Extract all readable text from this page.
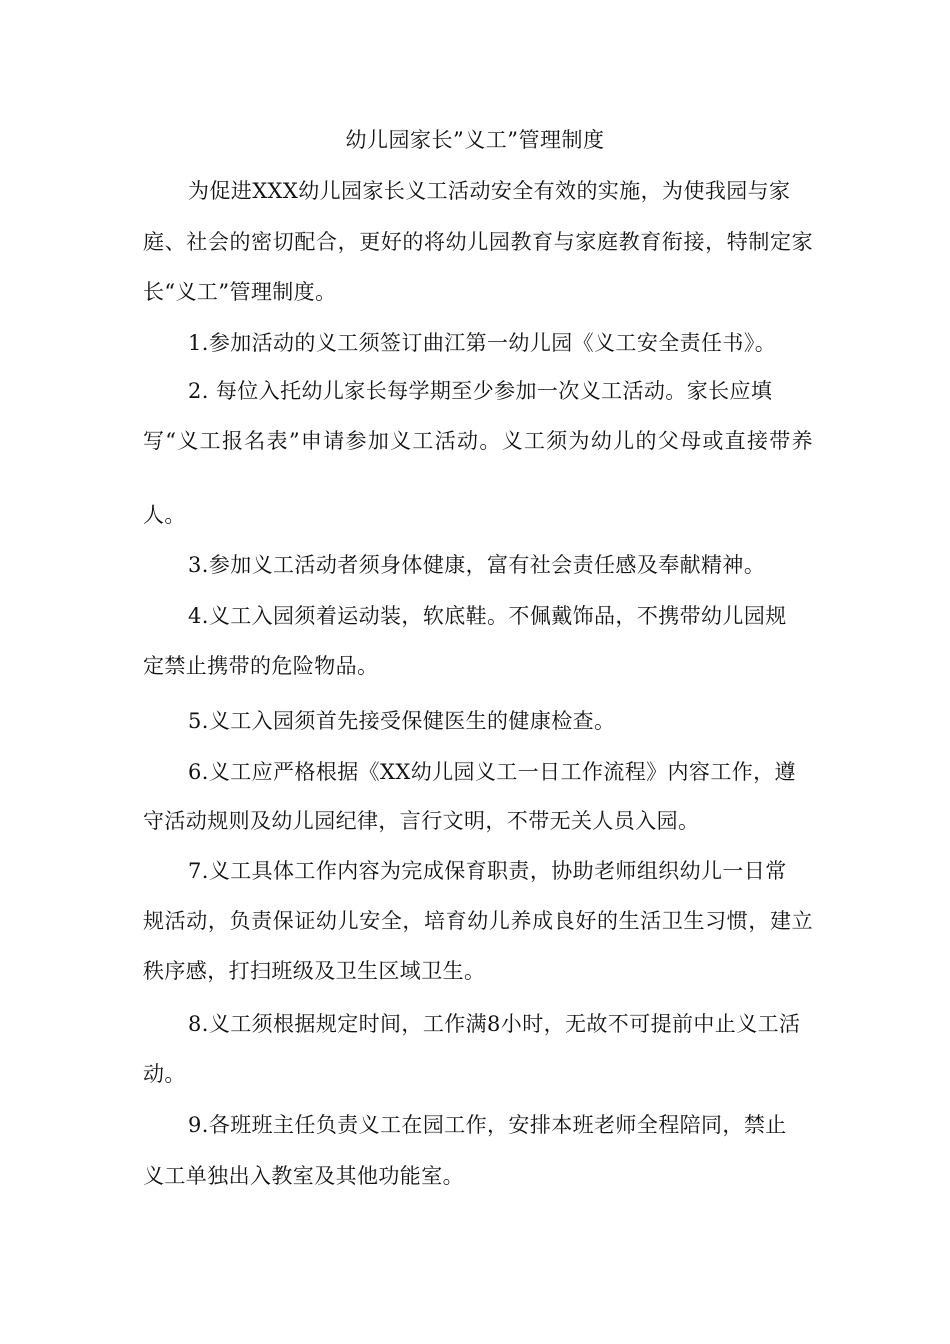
幼儿园家长”义工”管理制度
为促进XXX幼儿园家长义工活动安全有效的实施，为使我园与家
庭、社会的密切配合，更好的将幼儿园教育与家庭教育衔接，特制定家
长“义工”管理制度。
1.参加活动的义工须签订曲江第一幼儿园《义工安全责任书》。
2. 每位入托幼儿家长每学期至少参加一次义工活动。家长应填
写“义工报名表”申请参加义工活动。义工须为幼儿的父母或直接带养
人。
3.参加义工活动者须身体健康，富有社会责任感及奉献精神。
4.义工入园须着运动装，软底鞋。不佩戴饰品，不携带幼儿园规
定禁止携带的危险物品。
5.义工入园须首先接受保健医生的健康检查。
6.义工应严格根据《XX幼儿园义工一日工作流程》内容工作，遵
守活动规则及幼儿园纪律，言行文明，不带无关人员入园。
7.义工具体工作内容为完成保育职责，协助老师组织幼儿一日常
规活动，负责保证幼儿安全，培育幼儿养成良好的生活卫生习惯，建立
秩序感，打扫班级及卫生区域卫生。
8.义工须根据规定时间，工作满8小时，无故不可提前中止义工活
动。
9.各班班主任负责义工在园工作，安排本班老师全程陪同，禁止
义工单独出入教室及其他功能室。
